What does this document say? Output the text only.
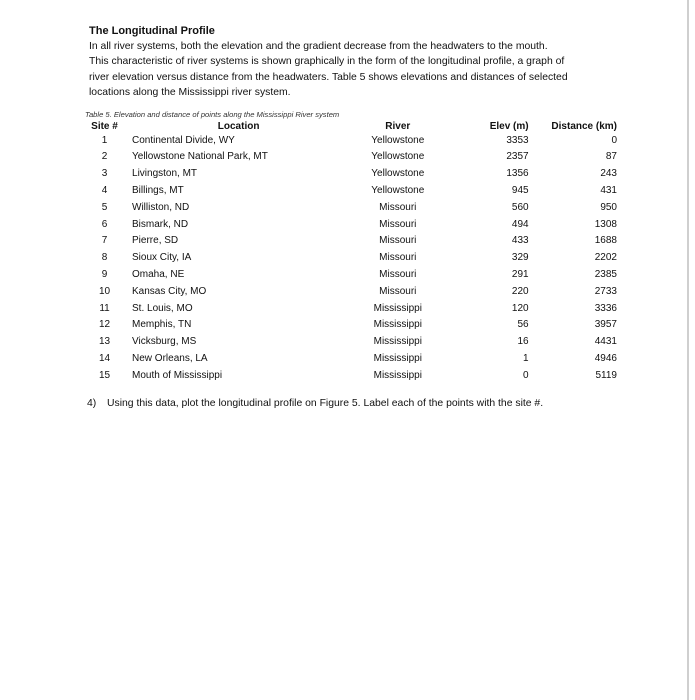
The Longitudinal Profile

In all river systems, both the elevation and the gradient decrease from the headwaters to the mouth.
This characteristic of river systems is shown graphically in the form of the longitudinal profile, a graph of
river elevation versus distance from the headwaters. Table 5 shows elevations and distances of selected
locations along the Mississippi river system.

Table 5. Elevation and distance of points along the Mississippi River system
Site #	Location	River	Elev (m)	Distance (km)
1	Continental Divide, WY	Yellowstone	3353	0
2	Yellowstone National Park, MT	Yellowstone	2357	87
3	Livingston, MT	Yellowstone	1356	243
4	Billings, MT	Yellowstone	945	431
5	Williston, ND	Missouri	560	950
6	Bismark, ND	Missouri	494	1308
7	Pierre, SD	Missouri	433	1688
8	Sioux City, IA	Missouri	329	2202
9	Omaha, NE	Missouri	291	2385
10	Kansas City, MO	Missouri	220	2733
11	St. Louis, MO	Mississippi	120	3336
12	Memphis, TN	Mississippi	56	3957
13	Vicksburg, MS	Mississippi	16	4431
14	New Orleans, LA	Mississippi	1	4946
15	Mouth of Mississippi	Mississippi	0	5119
4) Using this data, plot the longitudinal profile on Figure 5. Label each of the points with the site #.
